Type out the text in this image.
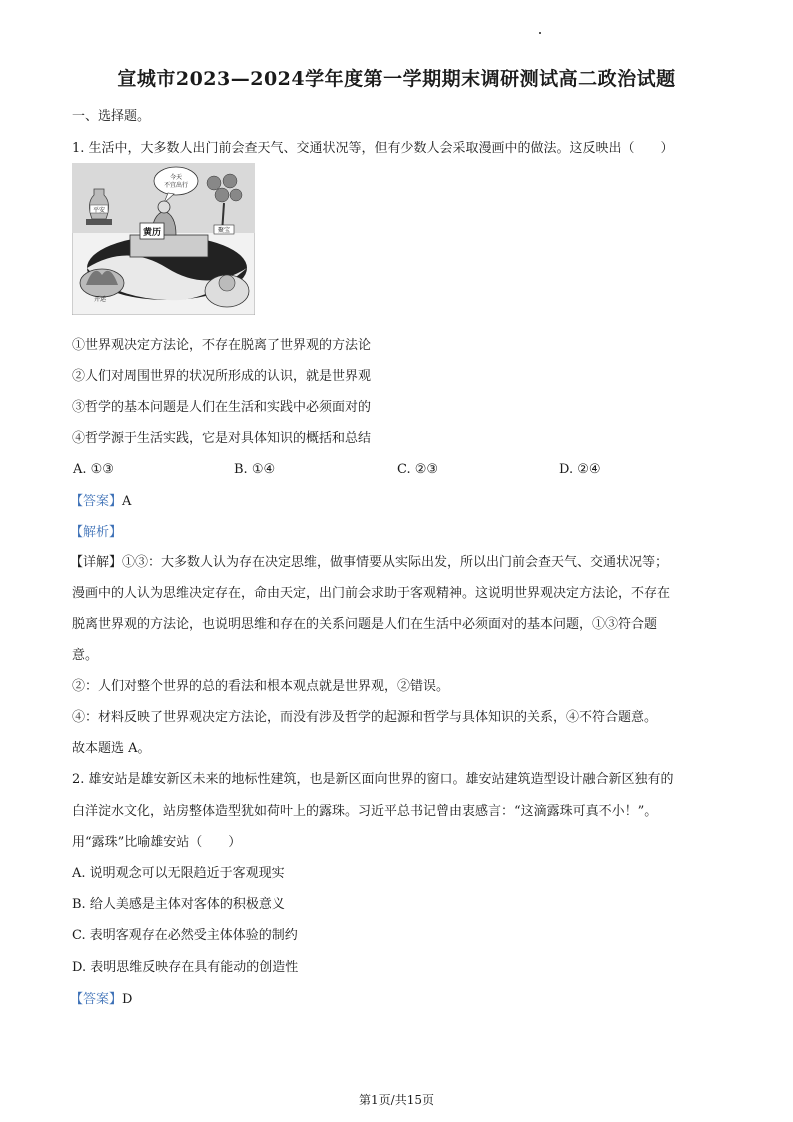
宣城市2023—2024学年度第一学期期末调研测试高二政治试题
一、选择题。
1. 生活中，大多数人出门前会查天气、交通状况等，但有少数人会采取漫画中的做法。这反映出（　　）
平安
今天
不宜出行
聚宝
黄历
开运
①世界观决定方法论，不存在脱离了世界观的方法论
②人们对周围世界的状况所形成的认识，就是世界观
③哲学的基本问题是人们在生活和实践中必须面对的
④哲学源于生活实践，它是对具体知识的概括和总结
A. ①③	B. ①④	C. ②③	D. ②④
【答案】A
【解析】
【详解】①③：大多数人认为存在决定思维，做事情要从实际出发，所以出门前会查天气、交通状况等；
漫画中的人认为思维决定存在，命由天定，出门前会求助于客观精神。这说明世界观决定方法论，不存在
脱离世界观的方法论，也说明思维和存在的关系问题是人们在生活中必须面对的基本问题，①③符合题
意。
②：人们对整个世界的总的看法和根本观点就是世界观，②错误。
④：材料反映了世界观决定方法论，而没有涉及哲学的起源和哲学与具体知识的关系，④不符合题意。
故本题选 A。
2. 雄安站是雄安新区未来的地标性建筑，也是新区面向世界的窗口。雄安站建筑造型设计融合新区独有的
白洋淀水文化，站房整体造型犹如荷叶上的露珠。习近平总书记曾由衷感言：“这滴露珠可真不小！”。
用“露珠”比喻雄安站（　　）
A. 说明观念可以无限趋近于客观现实
B. 给人美感是主体对客体的积极意义
C. 表明客观存在必然受主体体验的制约
D. 表明思维反映存在具有能动的创造性
【答案】D
第1页/共15页
